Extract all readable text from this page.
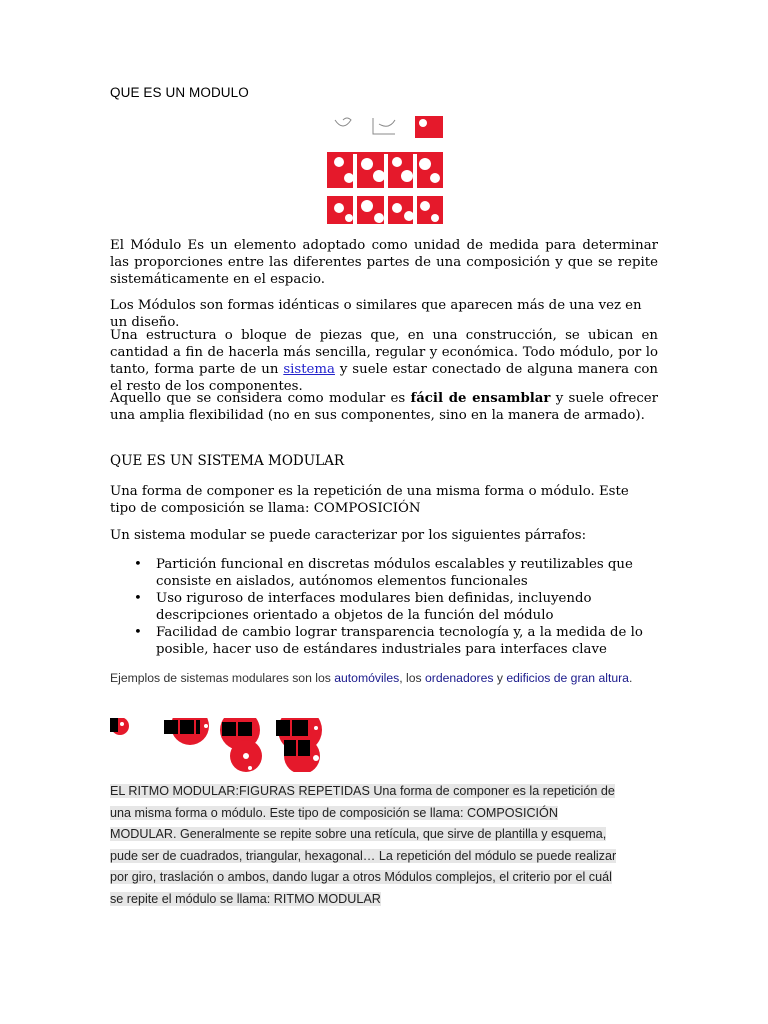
QUE ES UN MODULO
El Módulo Es un elemento adoptado como unidad de medida para determinar las proporciones entre las diferentes partes de una composición y que se repite sistemáticamente en el espacio.
Los Módulos son formas idénticas o similares que aparecen más de una vez en un diseño.
Una estructura o bloque de piezas que, en una construcción, se ubican en cantidad a fin de hacerla más sencilla, regular y económica. Todo módulo, por lo tanto, forma parte de un sistema y suele estar conectado de alguna manera con el resto de los componentes.
Aquello que se considera como modular es fácil de ensamblar y suele ofrecer una amplia flexibilidad (no en sus componentes, sino en la manera de armado).
QUE ES UN SISTEMA MODULAR
Una forma de componer es la repetición de una misma forma o módulo. Este tipo de composición se llama: COMPOSICIÓN
Un sistema modular se puede caracterizar por los siguientes párrafos:
• Partición funcional en discretas módulos escalables y reutilizables que consiste en aislados, autónomos elementos funcionales
• Uso riguroso de interfaces modulares bien definidas, incluyendo descripciones orientado a objetos de la función del módulo
• Facilidad de cambio lograr transparencia tecnología y, a la medida de lo posible, hacer uso de estándares industriales para interfaces clave
Ejemplos de sistemas modulares son los automóviles, los ordenadores y edificios de gran altura.
EL RITMO MODULAR:FIGURAS REPETIDAS Una forma de componer es la repetición de
una misma forma o módulo. Este tipo de composición se llama: COMPOSICIÓN
MODULAR. Generalmente se repite sobre una retícula, que sirve de plantilla y esquema,
pude ser de cuadrados, triangular, hexagonal… La repetición del módulo se puede realizar
por giro, traslación o ambos, dando lugar a otros Módulos complejos, el criterio por el cuál
se repite el módulo se llama: RITMO MODULAR
